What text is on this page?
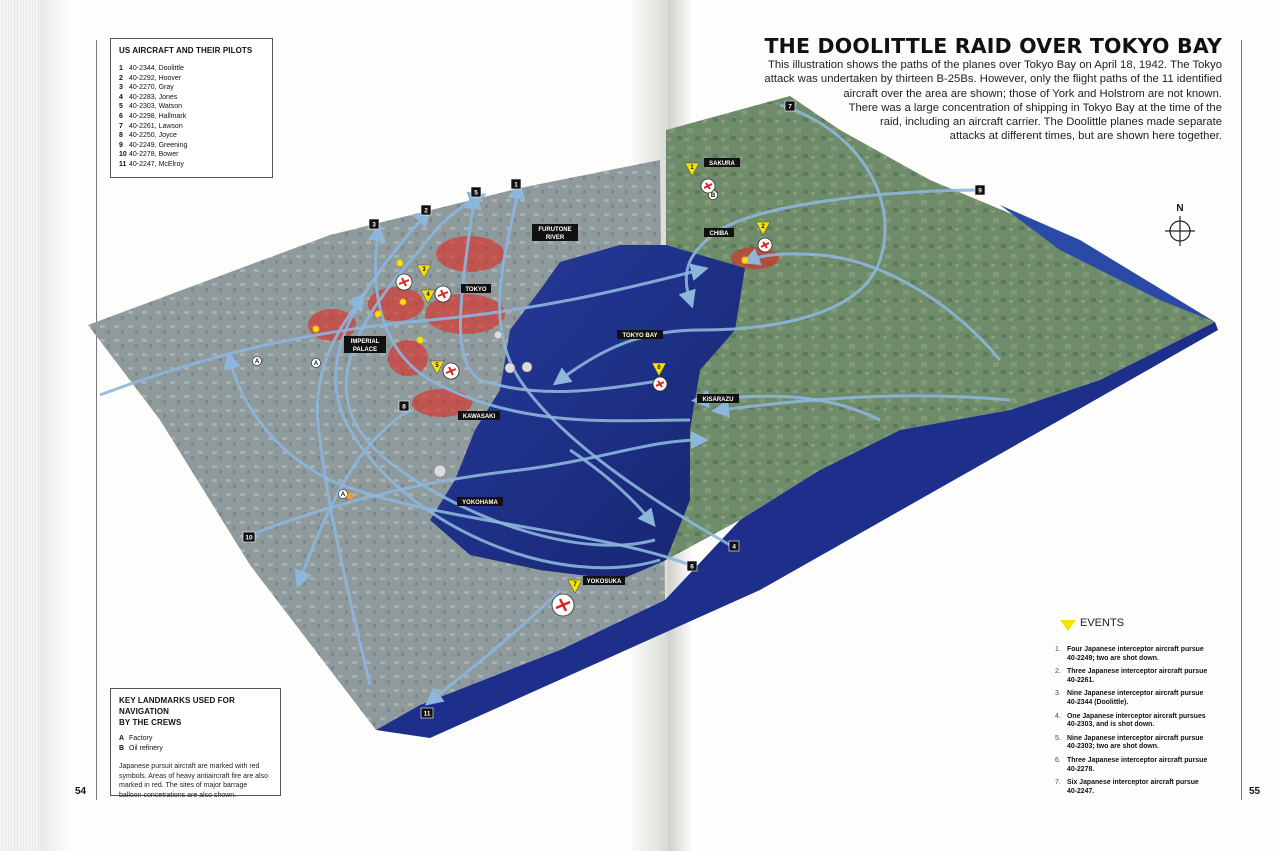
TOKYO
IMPERIAL
PALACE
FURUTONE
RIVER
KAWASAKI
YOKOHAMA
YOKOSUKA
TOKYO BAY
CHIBA
SAKURA
KISARAZU
1
2
3
4
5
6
7
8
9
10
11
1
2
3
4
5	6
7
A	A
A
B
✹
✹
✹
✹
✹	✹
✹
N
US AIRCRAFT AND THEIR PILOTS
1 40-2344, Doolittle
2 40-2292, Hoover
3 40-2270, Gray
4 40-2283, Jones
5 40-2303, Watson
6 40-2298, Hallmark
7 40-2261, Lawson
8 40-2250, Joyce
9 40-2249, Greening
10 40-2278, Bower
11 40-2247, McElroy
KEY LANDMARKS USED FOR NAVIGATION
BY THE CREWS
A Factory
B Oil refinery
Japanese pursuit aircraft are marked with red
symbols. Areas of heavy antiaircraft fire are also
marked in red. The sites of major barrage
balloon concetrations are also shown.
54	55
THE DOOLITTLE RAID OVER TOKYO BAY
This illustration shows the paths of the planes over Tokyo Bay on April 18, 1942. The Tokyo
attack was undertaken by thirteen B-25Bs. However, only the flight paths of the 11 identified
aircraft over the area are shown; those of York and Holstrom are not known.
There was a large concentration of shipping in Tokyo Bay at the time of the
raid, including an aircraft carrier. The Doolittle planes made separate
attacks at different times, but are shown here together.
EVENTS
1. Four Japanese interceptor aircraft pursue
40-2249; two are shot down.
2. Three Japanese interceptor aircraft pursue
40-2261.
3. Nine Japanese interceptor aircraft pursue
40-2344 (Doolittle).
4. One Japanese interceptor aircraft pursues
40-2303, and is shot down.
5. Nine Japanese interceptor aircraft pursue
40-2303; two are shot down.
6. Three Japanese interceptor aircraft pursue
40-2278.
7. Six Japanese interceptor aircraft pursue
40-2247.
